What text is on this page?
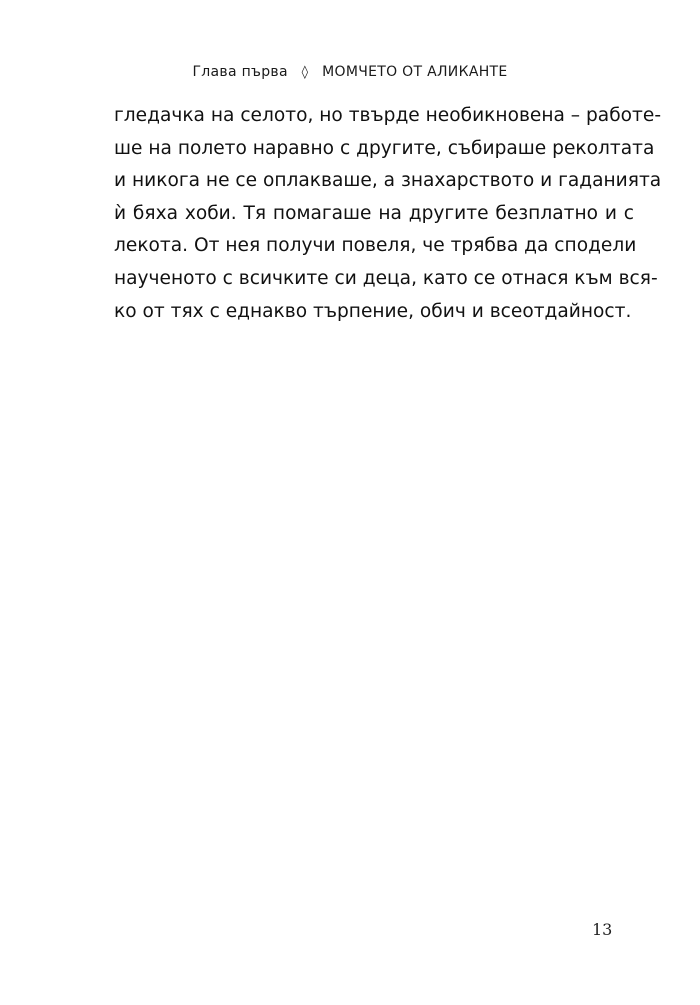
Глава първа ◊ МОМЧЕТО ОТ АЛИКАНТЕ
гледачка на селото, но твърде необикновена – работе-
ше на полето наравно с другите, събираше реколтата
и никога не се оплакваше, а знахарството и гаданията
ѝ бяха хоби. Тя помагаше на другите безплатно и с
лекота. От нея получи повеля, че трябва да сподели
наученото с всичките си деца, като се отнася към вся-
ко от тях с еднакво търпение, обич и всеотдайност.
13
